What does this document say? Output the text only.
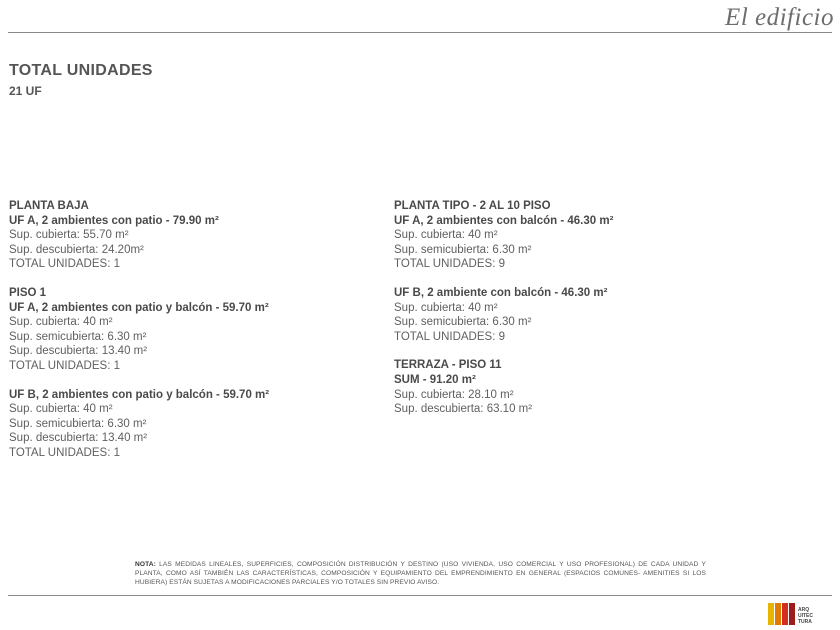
El edificio
TOTAL UNIDADES
21 UF
PLANTA BAJA
UF A, 2 ambientes con patio - 79.90 m²
Sup. cubierta: 55.70 m²
Sup. descubierta: 24.20m²
TOTAL UNIDADES: 1
PISO 1
UF A, 2 ambientes con patio y balcón - 59.70 m²
Sup. cubierta: 40 m²
Sup. semicubierta: 6.30 m²
Sup. descubierta: 13.40 m²
TOTAL UNIDADES: 1
UF B, 2 ambientes con patio y balcón - 59.70 m²
Sup. cubierta: 40 m²
Sup. semicubierta: 6.30 m²
Sup. descubierta: 13.40 m²
TOTAL UNIDADES: 1
PLANTA TIPO - 2 AL 10 PISO
UF A, 2 ambientes con balcón - 46.30 m²
Sup. cubierta: 40 m²
Sup. semicubierta: 6.30 m²
TOTAL UNIDADES: 9
UF B, 2 ambiente con balcón - 46.30 m²
Sup. cubierta: 40 m²
Sup. semicubierta: 6.30 m²
TOTAL UNIDADES: 9
TERRAZA - PISO 11
SUM - 91.20 m²
Sup. cubierta: 28.10 m²
Sup. descubierta: 63.10 m²
NOTA: LAS MEDIDAS LINEALES, SUPERFICIES, COMPOSICIÓN DISTRIBUCIÓN Y DESTINO (USO VIVIENDA, USO COMERCIAL Y USO PROFESIONAL) DE CADA UNIDAD Y PLANTA, COMO ASÍ TAMBIÉN LAS CARACTERÍSTICAS, COMPOSICIÓN Y EQUIPAMIENTO DEL EMPRENDIMIENTO EN GENERAL (ESPACIOS COMUNES- AMENITIES SI LOS HUBIERA) ESTÁN SUJETAS A MODIFICACIONES PARCIALES Y/O TOTALES SIN PREVIO AVISO.
ARQ
UITEC
TURA
